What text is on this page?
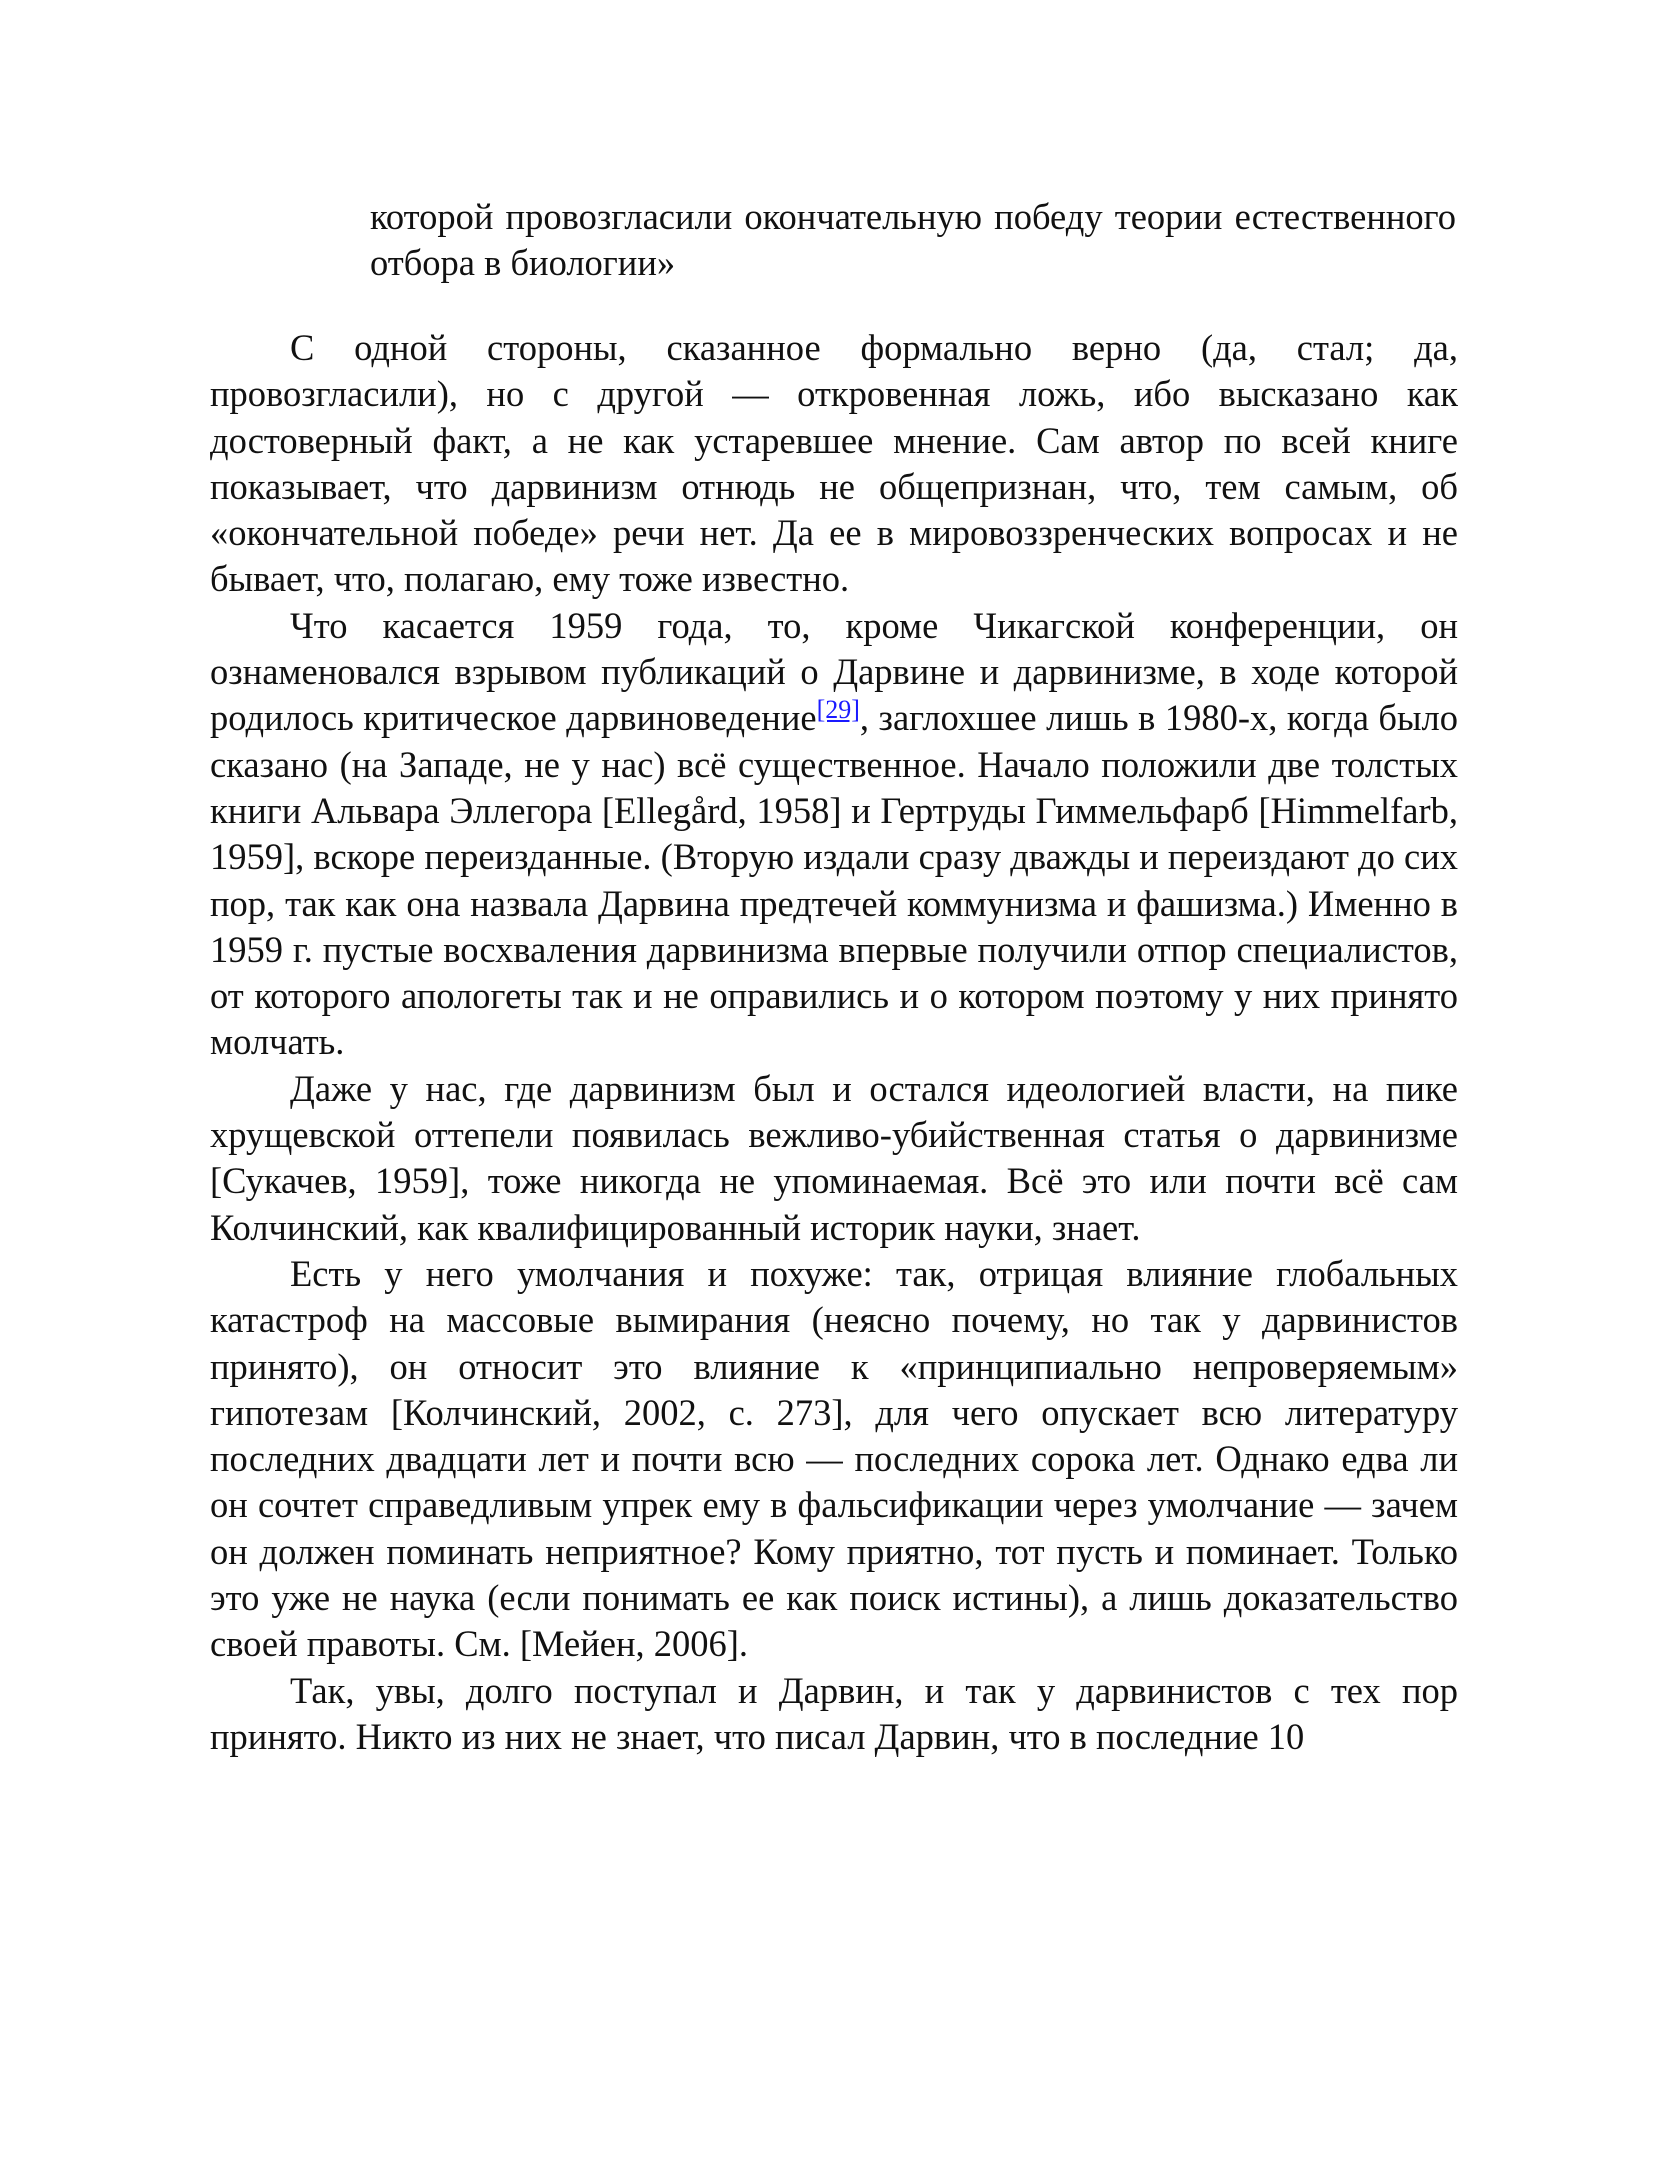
которой провозгласили окончательную победу теории естественного отбора в биологии»

С одной стороны, сказанное формально верно (да, стал; да, провозгласили), но с другой — откровенная ложь, ибо высказано как достоверный факт, а не как устаревшее мнение. Сам автор по всей книге показывает, что дарвинизм отнюдь не общепризнан, что, тем самым, об «окончательной победе» речи нет. Да ее в мировоззренческих вопросах и не бывает, что, полагаю, ему тоже известно.

Что касается 1959 года, то, кроме Чикагской конференции, он ознаменовался взрывом публикаций о Дарвине и дарвинизме, в ходе которой родилось критическое дарвиноведение[29], заглохшее лишь в 1980-х, когда было сказано (на Западе, не у нас) всё существенное. Начало положили две толстых книги Альвара Эллегора [Ellegård, 1958] и Гертруды Гиммельфарб [Himmelfarb, 1959], вскоре переизданные. (Вторую издали сразу дважды и переиздают до сих пор, так как она назвала Дарвина предтечей коммунизма и фашизма.) Именно в 1959 г. пустые восхваления дарвинизма впервые получили отпор специалистов, от которого апологеты так и не оправились и о котором поэтому у них принято молчать.

Даже у нас, где дарвинизм был и остался идеологией власти, на пике хрущевской оттепели появилась вежливо-убийственная статья о дарвинизме [Сукачев, 1959], тоже никогда не упоминаемая. Всё это или почти всё сам Колчинский, как квалифицированный историк науки, знает.

Есть у него умолчания и похуже: так, отрицая влияние глобальных катастроф на массовые вымирания (неясно почему, но так у дарвинистов принято), он относит это влияние к «принципиально непроверяемым» гипотезам [Колчинский, 2002, с. 273], для чего опускает всю литературу последних двадцати лет и почти всю — последних сорока лет. Однако едва ли он сочтет справедливым упрек ему в фальсификации через умолчание — зачем он должен поминать неприятное? Кому приятно, тот пусть и поминает. Только это уже не наука (если понимать ее как поиск истины), а лишь доказательство своей правоты. См. [Мейен, 2006].

Так, увы, долго поступал и Дарвин, и так у дарвинистов с тех пор принято. Никто из них не знает, что писал Дарвин, что в последние 10
